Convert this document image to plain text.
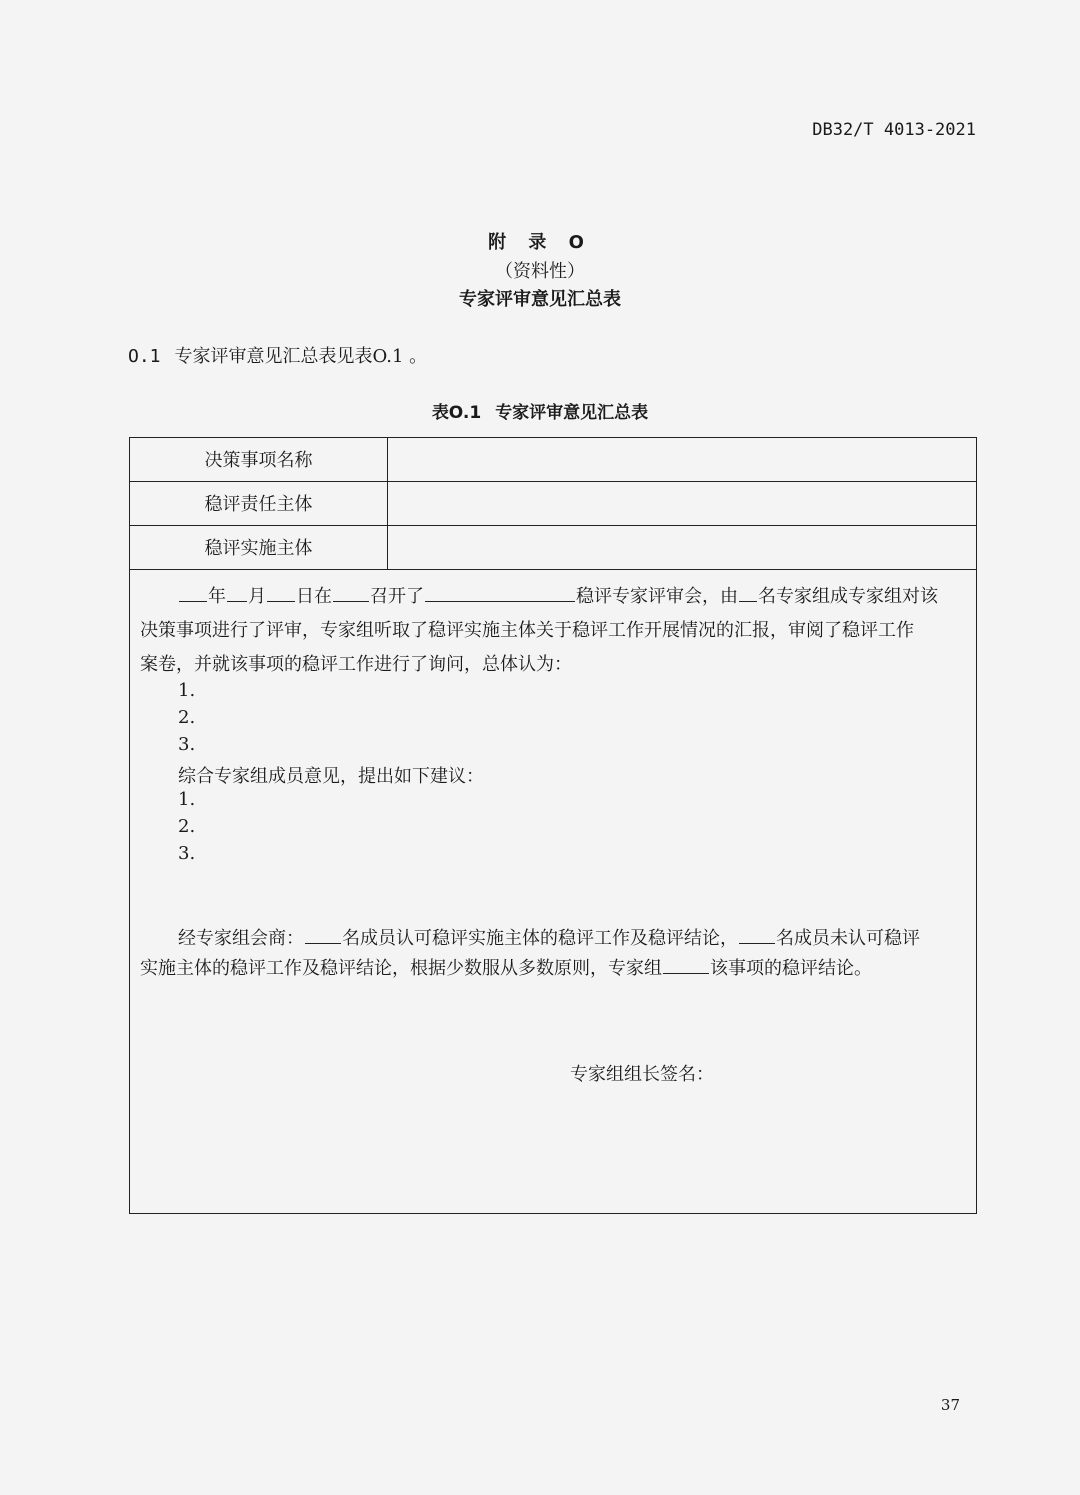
DB32/T 4013-2021
附 录 O
（资料性）
专家评审意见汇总表
O.1 专家评审意见汇总表见表O.1 。
表O.1 专家评审意见汇总表
决策事项名称
稳评责任主体
稳评实施主体
年 月 日在 召开了	稳评专家评审会，由 名专家组成专家组对该
决策事项进行了评审，专家组听取了稳评实施主体关于稳评工作开展情况的汇报，审阅了稳评工作
案卷，并就该事项的稳评工作进行了询问，总体认为：
1.
2.
3.
综合专家组成员意见，提出如下建议：
1.
2.
3.
经专家组会商： 名成员认可稳评实施主体的稳评工作及稳评结论， 名成员未认可稳评
实施主体的稳评工作及稳评结论，根据少数服从多数原则，专家组	该事项的稳评结论。
专家组组长签名：
37
